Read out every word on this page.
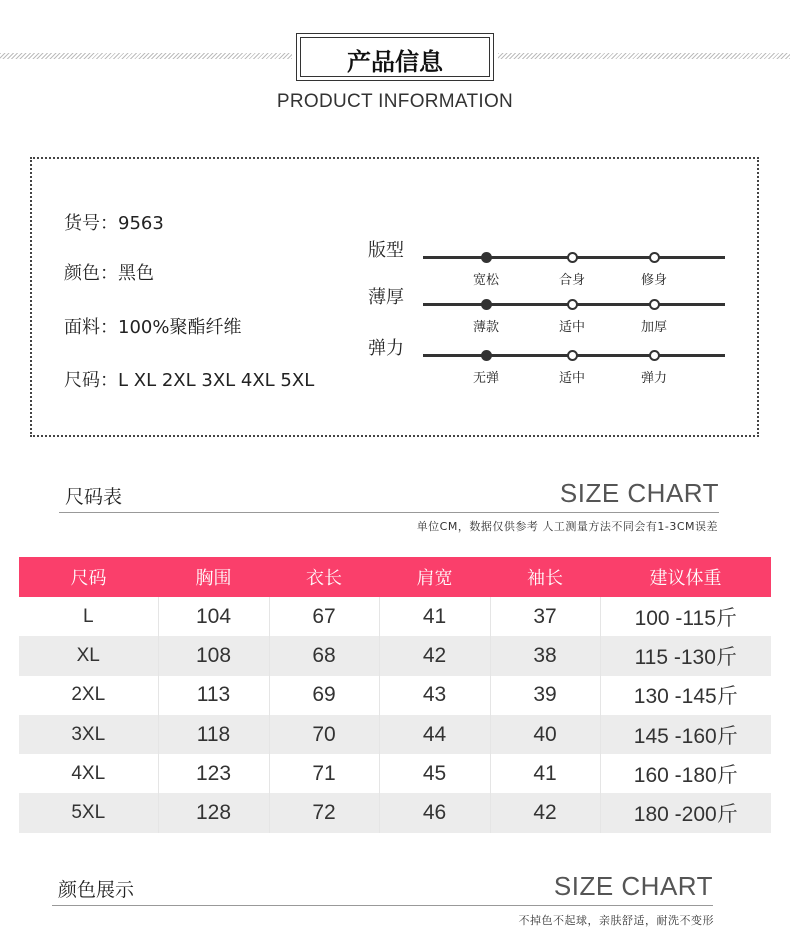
产品信息
PRODUCT INFORMATION
货号：9563
颜色：黑色
面料：100%聚酯纤维
尺码：L XL 2XL 3XL 4XL 5XL
版型
宽松	合身	修身
薄厚
薄款	适中	加厚
弹力
无弹	适中	弹力
尺码表	SIZE CHART
单位CM，数据仅供参考 人工测量方法不同会有1-3CM误差
尺码	胸围	衣长	肩宽	袖长	建议体重
L	104	67	41	37	100 -115斤
XL	108	68	42	38	115 -130斤
2XL	113	69	43	39	130 -145斤
3XL	118	70	44	40	145 -160斤
4XL	123	71	45	41	160 -180斤
5XL	128	72	46	42	180 -200斤
颜色展示	SIZE CHART
不掉色不起球，亲肤舒适，耐洗不变形
